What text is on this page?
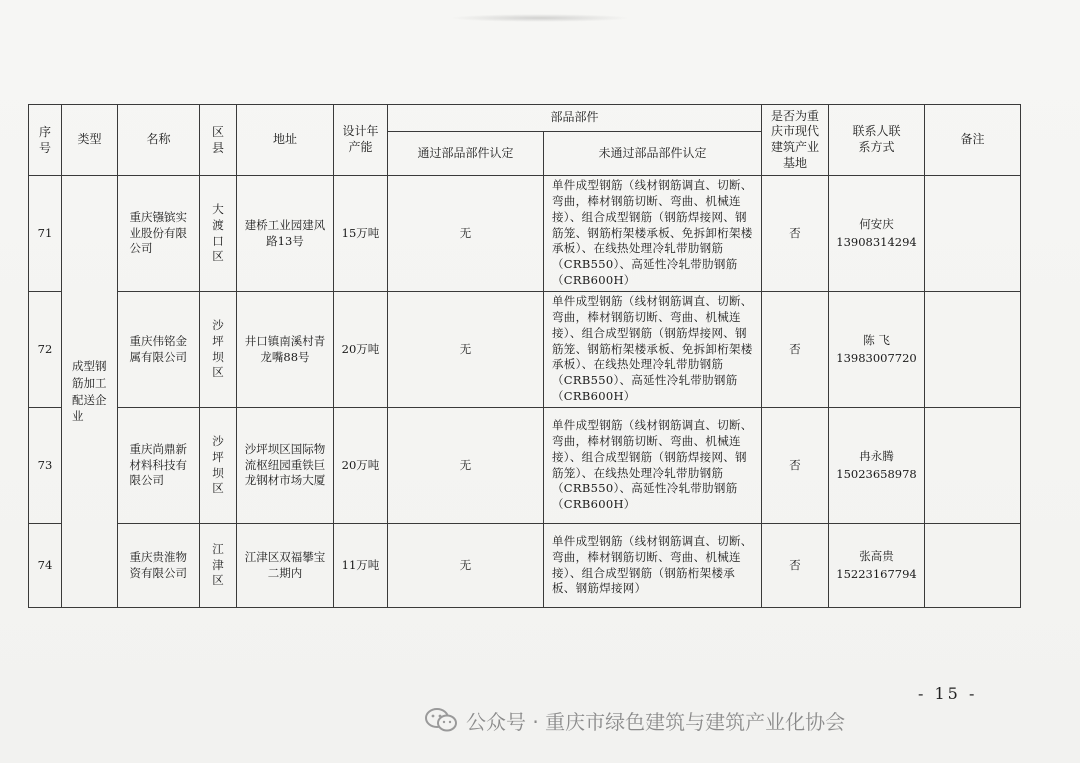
序号	类型	名称	区县	地址	设计年产能	部品部件		是否为重庆市现代建筑产业基地	联系人联系方式	备注
						通过部品部件认定	未通过部品部件认定			
71	成型钢筋加工配送企业	重庆镪镔实业股份有限公司	大渡口区	建桥工业园建风路13号	15万吨	无	单件成型钢筋（线材钢筋调直、切断、弯曲，棒材钢筋切断、弯曲、机械连接）、组合成型钢筋（钢筋焊接网、钢筋笼、钢筋桁架楼承板、免拆卸桁架楼承板）、在线热处理冷轧带肋钢筋（CRB550）、高延性冷轧带肋钢筋（CRB600H）	否	何安庆
13908314294	

72		重庆伟铭金属有限公司	沙坪坝区	井口镇南溪村青龙嘴88号	20万吨	无	单件成型钢筋（线材钢筋调直、切断、弯曲，棒材钢筋切断、弯曲、机械连接）、组合成型钢筋（钢筋焊接网、钢筋笼、钢筋桁架楼承板、免拆卸桁架楼承板）、在线热处理冷轧带肋钢筋（CRB550）、高延性冷轧带肋钢筋（CRB600H）	否	陈 飞
13983007720	

73		重庆尚鼎新材料科技有限公司	沙坪坝区	沙坪坝区国际物流枢纽园重铁巨龙钢材市场大厦	20万吨	无	单件成型钢筋（线材钢筋调直、切断、弯曲，棒材钢筋切断、弯曲、机械连接）、组合成型钢筋（钢筋焊接网、钢筋笼）、在线热处理冷轧带肋钢筋（CRB550）、高延性冷轧带肋钢筋（CRB600H）	否	冉永腾
15023658978	

74		重庆贵淮物资有限公司	江津区	江津区双福攀宝二期内	11万吨	无	单件成型钢筋（线材钢筋调直、切断、弯曲，棒材钢筋切断、弯曲、机械连接）、组合成型钢筋（钢筋桁架楼承板、钢筋焊接网）	否	张高贵
15223167794	

- 15 -
公众号 · 重庆市绿色建筑与建筑产业化协会
